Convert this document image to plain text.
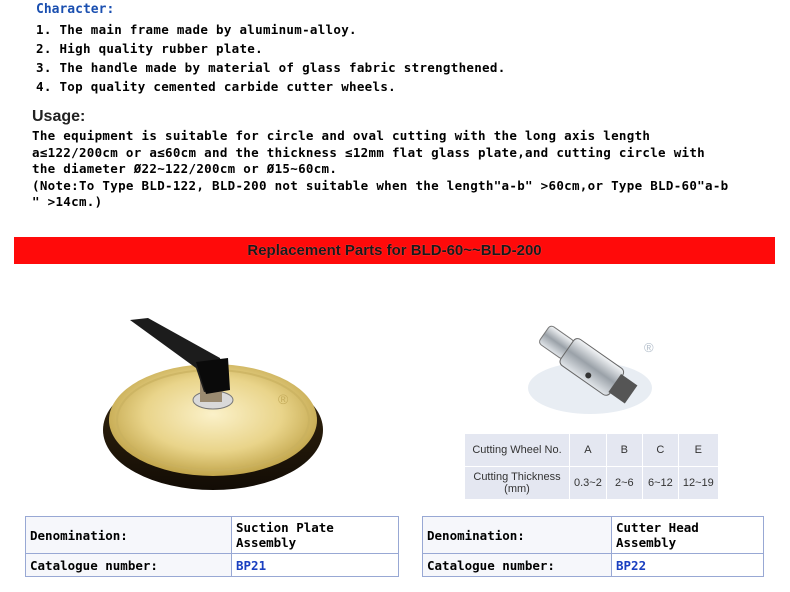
Character:
1. The main frame made by aluminum-alloy.
2. High quality rubber plate.
3. The handle made by material of glass fabric strengthened.
4. Top quality cemented carbide cutter wheels.
Usage:
The equipment is suitable for circle and oval cutting with the long axis length
a≤122/200cm or a≤60cm and the thickness ≤12mm flat glass plate,and cutting circle with
the diameter Ø22~122/200cm or Ø15~60cm.
(Note:To Type BLD-122, BLD-200 not suitable when the length"a-b" >60cm,or Type BLD-60"a-b
" >14cm.)
Replacement Parts for BLD-60~~BLD-200
®
®
Cutting Wheel No.	A	B	C	E
Cutting Thickness
(mm)	0.3~2	2~6	6~12	12~19
Denomination:	Suction Plate
Assembly
Catalogue number:	BP21
Denomination:	Cutter Head
Assembly
Catalogue number:	BP22
